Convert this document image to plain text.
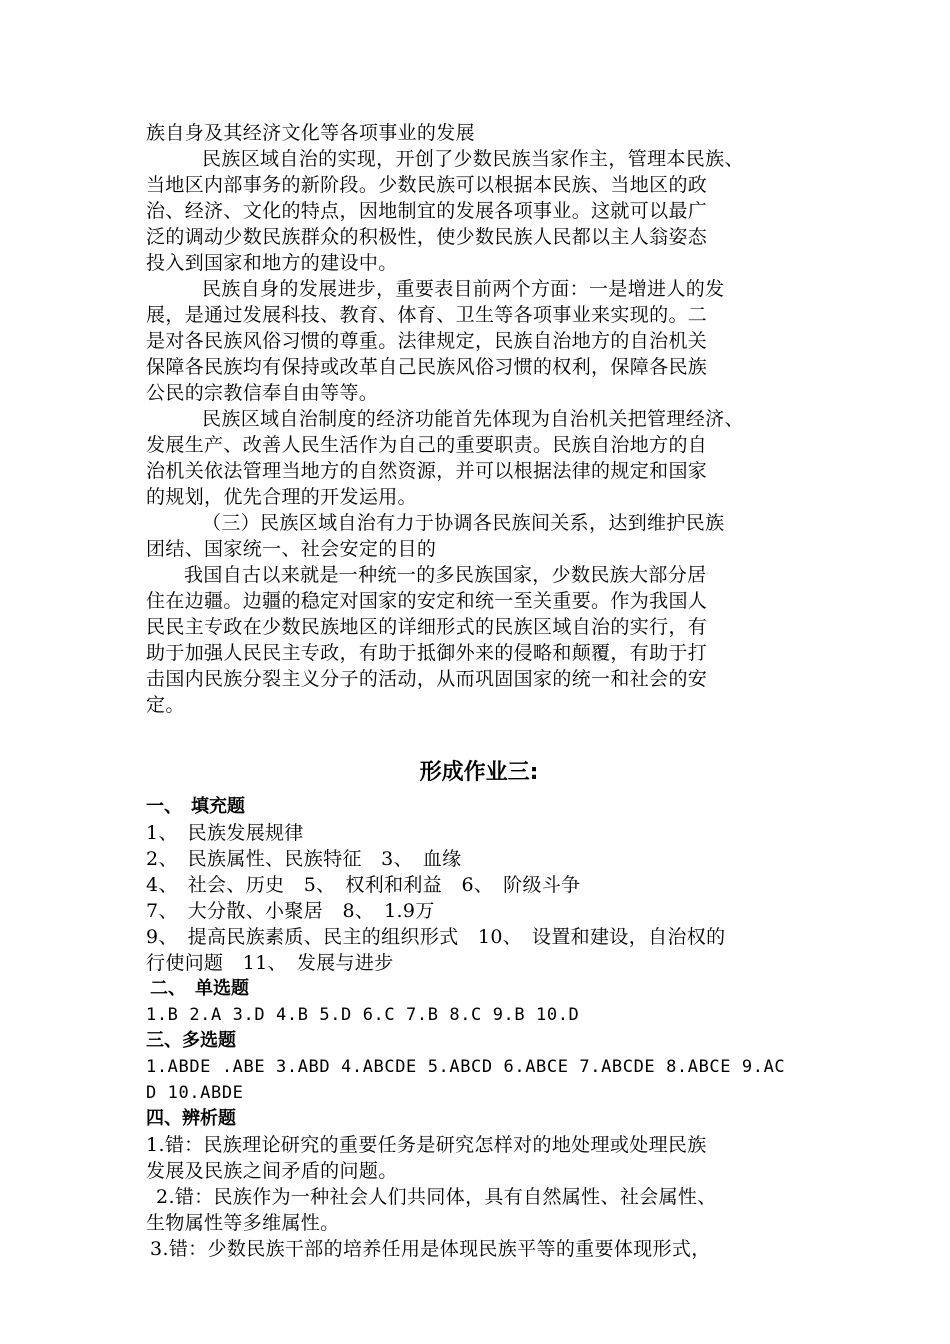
族自身及其经济文化等各项事业的发展
民族区域自治的实现，开创了少数民族当家作主，管理本民族、
当地区内部事务的新阶段。少数民族可以根据本民族、当地区的政
治、经济、文化的特点，因地制宜的发展各项事业。这就可以最广
泛的调动少数民族群众的积极性，使少数民族人民都以主人翁姿态
投入到国家和地方的建设中。
民族自身的发展进步，重要表目前两个方面：一是增进人的发
展，是通过发展科技、教育、体育、卫生等各项事业来实现的。二
是对各民族风俗习惯的尊重。法律规定，民族自治地方的自治机关
保障各民族均有保持或改革自己民族风俗习惯的权利，保障各民族
公民的宗教信奉自由等等。
民族区域自治制度的经济功能首先体现为自治机关把管理经济、
发展生产、改善人民生活作为自己的重要职责。民族自治地方的自
治机关依法管理当地方的自然资源，并可以根据法律的规定和国家
的规划，优先合理的开发运用。
（三）民族区域自治有力于协调各民族间关系，达到维护民族
团结、国家统一、社会安定的目的
我国自古以来就是一种统一的多民族国家，少数民族大部分居
住在边疆。边疆的稳定对国家的安定和统一至关重要。作为我国人
民民主专政在少数民族地区的详细形式的民族区域自治的实行，有
助于加强人民民主专政，有助于抵御外来的侵略和颠覆，有助于打
击国内民族分裂主义分子的活动，从而巩固国家的统一和社会的安
定。
形成作业三:
一、　填充题
1、　民族发展规律
2、　民族属性、民族特征　3、　血缘
4、　社会、历史　5、　权利和利益　6、　阶级斗争
7、　大分散、小聚居　8、　1.9万
9、　提高民族素质、民主的组织形式　10、　设置和建设，自治权的
行使问题　11、　发展与进步
二、　单选题
1.B 2.A 3.D 4.B 5.D 6.C 7.B 8.C 9.B 10.D
三、多选题
1.ABDE .ABE 3.ABD 4.ABCDE 5.ABCD 6.ABCE 7.ABCDE 8.ABCE 9.AC
D 10.ABDE
四、辨析题
1.错：民族理论研究的重要任务是研究怎样对的地处理或处理民族
发展及民族之间矛盾的问题。
2.错：民族作为一种社会人们共同体，具有自然属性、社会属性、
生物属性等多维属性。
3.错：少数民族干部的培养任用是体现民族平等的重要体现形式，
